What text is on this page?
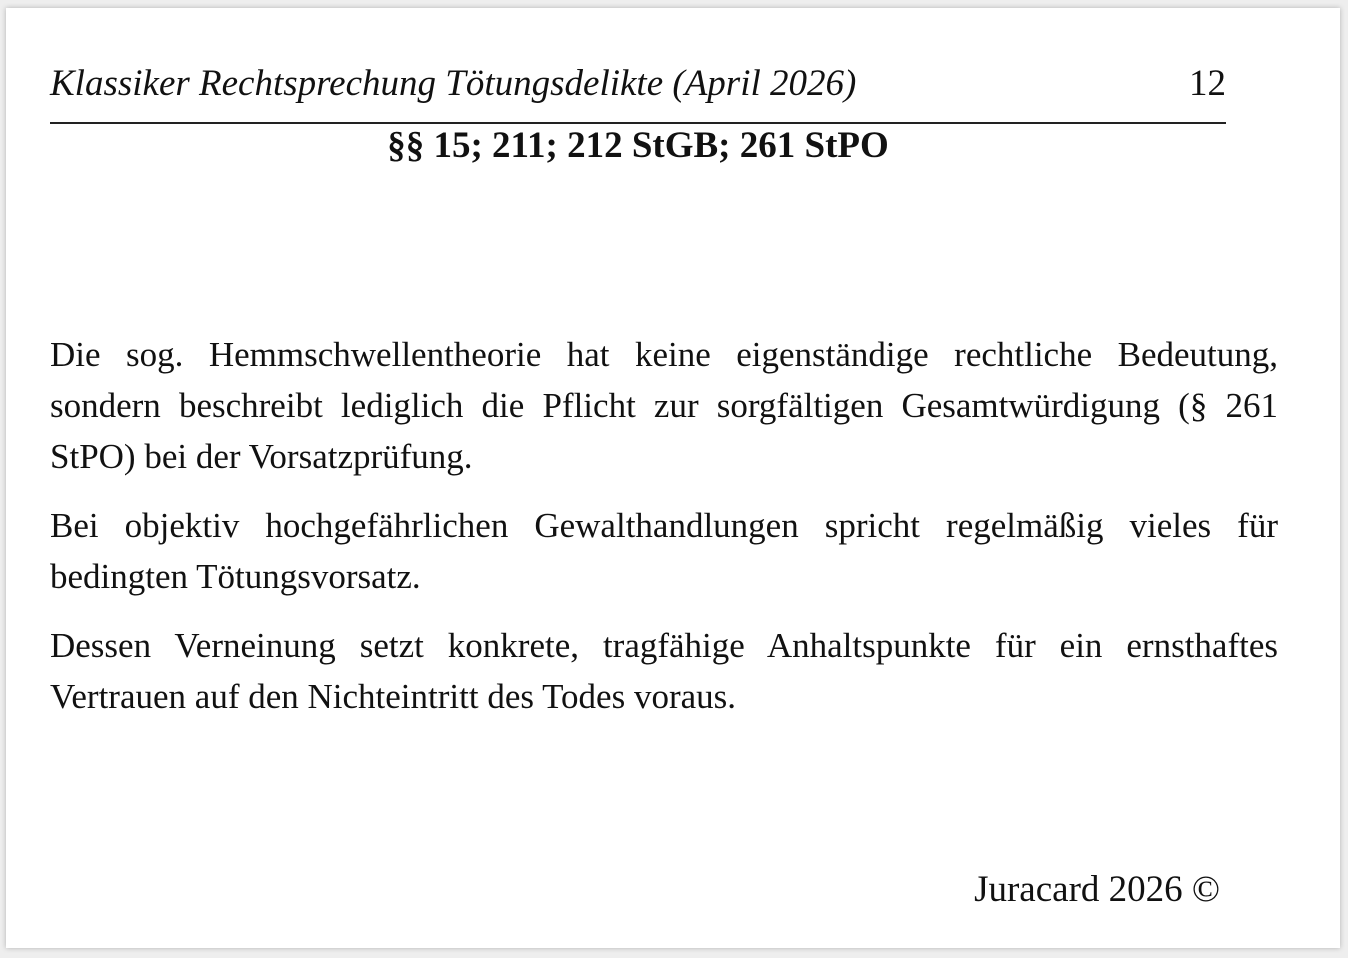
Klassiker Rechtsprechung Tötungsdelikte (April 2026)	12
§§ 15; 211; 212 StGB; 261 StPO

Die sog. Hemmschwellentheorie hat keine eigenständige rechtliche Bedeutung, sondern beschreibt lediglich die Pflicht zur sorgfältigen Gesamtwürdigung (§ 261 StPO) bei der Vorsatzprüfung.

Bei objektiv hochgefährlichen Gewalthandlungen spricht regelmäßig vieles für bedingten Tötungsvorsatz.

Dessen Verneinung setzt konkrete, tragfähige Anhaltspunkte für ein ernsthaftes Vertrauen auf den Nichteintritt des Todes voraus.

Juracard 2026 ©
